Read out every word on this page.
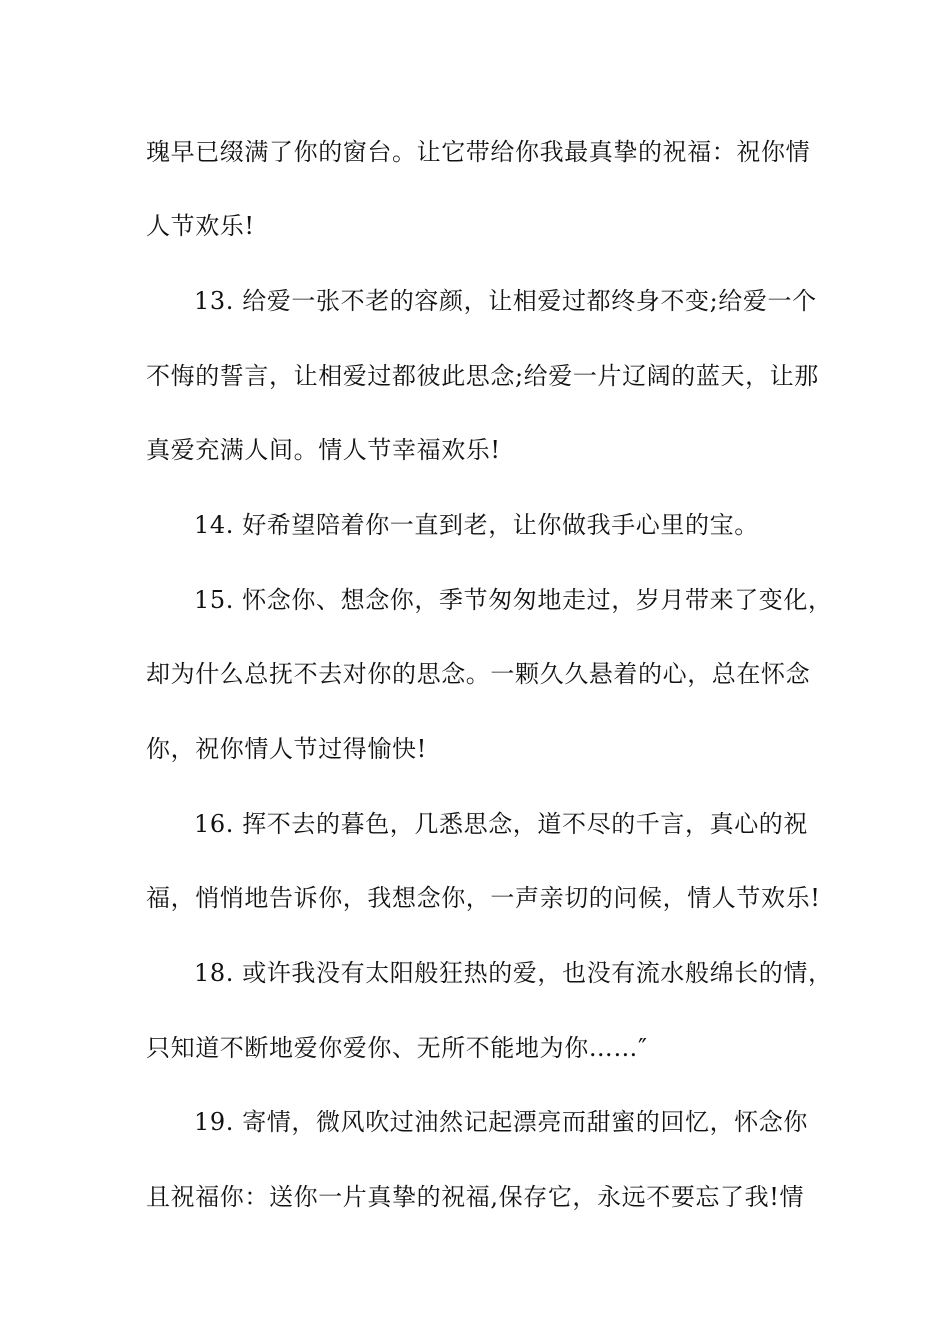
瑰早已缀满了你的窗台。让它带给你我最真挚的祝福：祝你情
人节欢乐!
13. 给爱一张不老的容颜，让相爱过都终身不变;给爱一个
不悔的誓言，让相爱过都彼此思念;给爱一片辽阔的蓝天，让那
真爱充满人间。情人节幸福欢乐!
14. 好希望陪着你一直到老，让你做我手心里的宝。
15. 怀念你、想念你，季节匆匆地走过，岁月带来了变化，
却为什么总抚不去对你的思念。一颗久久悬着的心，总在怀念
你，祝你情人节过得愉快!
16. 挥不去的暮色，几悉思念，道不尽的千言，真心的祝
福，悄悄地告诉你，我想念你，一声亲切的问候，情人节欢乐!
18. 或许我没有太阳般狂热的爱，也没有流水般绵长的情，
只知道不断地爱你爱你、无所不能地为你……″
19. 寄情，微风吹过油然记起漂亮而甜蜜的回忆，怀念你
且祝福你：送你一片真挚的祝福,保存它，永远不要忘了我!情
